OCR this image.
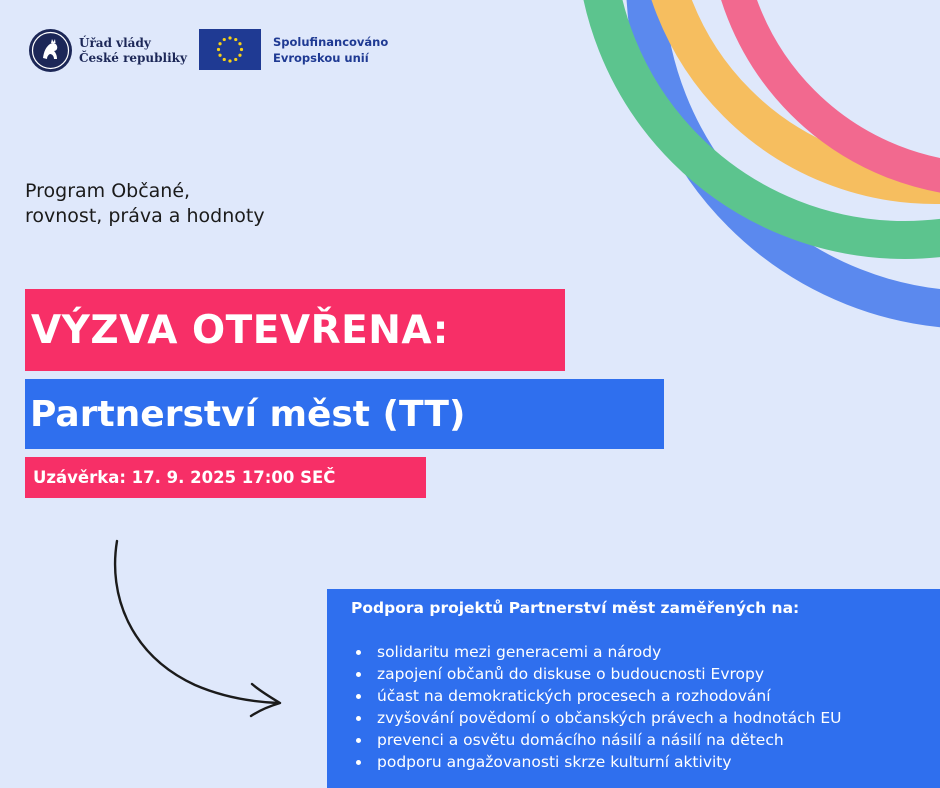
Úřad vlády
České republiky
Spolufinancováno
Evropskou unií
Program Občané,
rovnost, práva a hodnoty
VÝZVA OTEVŘENA:
Partnerství měst (TT)
Uzávěrka: 17. 9. 2025 17:00 SEČ
Podpora projektů Partnerství měst zaměřených na:
solidaritu mezi generacemi a národy
zapojení občanů do diskuse o budoucnosti Evropy
účast na demokratických procesech a rozhodování
zvyšování povědomí o občanských právech a hodnotách EU
prevenci a osvětu domácího násilí a násilí na dětech
podporu angažovanosti skrze kulturní aktivity
